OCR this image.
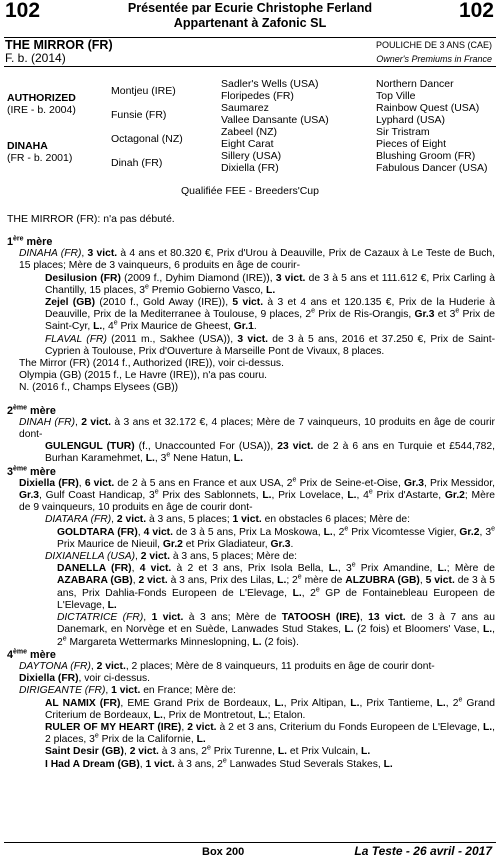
102	Présentée par Ecurie Christophe Ferland
Appartenant à Zafonic SL
102
THE MIRROR (FR)
F. b. (2014)
POULICHE DE 3 ANS (CAE)
Owner's Premiums in France
AUTHORIZED
(IRE - b. 2004)
DINAHA
(FR - b. 2001)
Montjeu (IRE)
Funsie (FR)
Octagonal (NZ)
Dinah (FR)
Sadler's Wells (USA)
Floripedes (FR)
Saumarez
Vallee Dansante (USA)
Zabeel (NZ)
Eight Carat
Sillery (USA)
Dixiella (FR)
Northern Dancer
Top Ville
Rainbow Quest (USA)
Lyphard (USA)
Sir Tristram
Pieces of Eight
Blushing Groom (FR)
Fabulous Dancer (USA)
Qualifiée FEE - Breeders'Cup
THE MIRROR (FR): n'a pas débuté.
1ère mère

DINAHA (FR), 3 vict. à 4 ans et 80.320 €, Prix d'Urou à Deauville, Prix de Cazaux à Le Teste de Buch, 15 places; Mère de 3 vainqueurs, 6 produits en âge de courir-

Desilusion (FR) (2009 f., Dyhim Diamond (IRE)), 3 vict. de 3 à 5 ans et 111.612 €, Prix Carling à Chantilly, 15 places, 3e Premio Gobierno Vasco, L.

Zejel (GB) (2010 f., Gold Away (IRE)), 5 vict. à 3 et 4 ans et 120.135 €, Prix de la Huderie à Deauville, Prix de la Mediterranee à Toulouse, 9 places, 2e Prix de Ris-Orangis, Gr.3 et 3e Prix de Saint-Cyr, L., 4e Prix Maurice de Gheest, Gr.1.

FLAVAL (FR) (2011 m., Sakhee (USA)), 3 vict. de 3 à 5 ans, 2016 et 37.250 €, Prix de Saint-Cyprien à Toulouse, Prix d'Ouverture à Marseille Pont de Vivaux, 8 places.

The Mirror (FR) (2014 f., Authorized (IRE)), voir ci-dessus.

Olympia (GB) (2015 f., Le Havre (IRE)), n'a pas couru.

N. (2016 f., Champs Elysees (GB))

2ème mère

DINAH (FR), 2 vict. à 3 ans et 32.172 €, 4 places; Mère de 7 vainqueurs, 10 produits en âge de courir dont-

GULENGUL (TUR) (f., Unaccounted For (USA)), 23 vict. de 2 à 6 ans en Turquie et £544,782, Burhan Karamehmet, L., 3e Nene Hatun, L.

3ème mère

Dixiella (FR), 6 vict. de 2 à 5 ans en France et aux USA, 2e Prix de Seine-et-Oise, Gr.3, Prix Messidor, Gr.3, Gulf Coast Handicap, 3e Prix des Sablonnets, L., Prix Lovelace, L., 4e Prix d'Astarte, Gr.2; Mère de 9 vainqueurs, 10 produits en âge de courir dont-

DIATARA (FR), 2 vict. à 3 ans, 5 places; 1 vict. en obstacles 6 places; Mère de:

GOLDTARA (FR), 4 vict. de 3 à 5 ans, Prix La Moskowa, L., 2e Prix Vicomtesse Vigier, Gr.2, 3e Prix Maurice de Nieuil, Gr.2 et Prix Gladiateur, Gr.3.

DIXIANELLA (USA), 2 vict. à 3 ans, 5 places; Mère de:

DANELLA (FR), 4 vict. à 2 et 3 ans, Prix Isola Bella, L., 3e Prix Amandine, L.; Mère de AZABARA (GB), 2 vict. à 3 ans, Prix des Lilas, L.; 2e mère de ALZUBRA (GB), 5 vict. de 3 à 5 ans, Prix Dahlia-Fonds Europeen de L'Elevage, L., 2e GP de Fontainebleau Europeen de L'Elevage, L.

DICTATRICE (FR), 1 vict. à 3 ans; Mère de TATOOSH (IRE), 13 vict. de 3 à 7 ans au Danemark, en Norvège et en Suède, Lanwades Stud Stakes, L. (2 fois) et Bloomers' Vase, L., 2e Margareta Wettermarks Minneslopning, L. (2 fois).

4ème mère

DAYTONA (FR), 2 vict., 2 places; Mère de 8 vainqueurs, 11 produits en âge de courir dont-

Dixiella (FR), voir ci-dessus.

DIRIGEANTE (FR), 1 vict. en France; Mère de:

AL NAMIX (FR), EME Grand Prix de Bordeaux, L., Prix Altipan, L., Prix Tantieme, L., 2e Grand Criterium de Bordeaux, L., Prix de Montretout, L.; Etalon.

RULER OF MY HEART (IRE), 2 vict. à 2 et 3 ans, Criterium du Fonds Europeen de L'Elevage, L., 2 places, 3e Prix de la Californie, L.

Saint Desir (GB), 2 vict. à 3 ans, 2e Prix Turenne, L. et Prix Vulcain, L.

I Had A Dream (GB), 1 vict. à 3 ans, 2e Lanwades Stud Severals Stakes, L.

Box 200	La Teste - 26 avril - 2017
